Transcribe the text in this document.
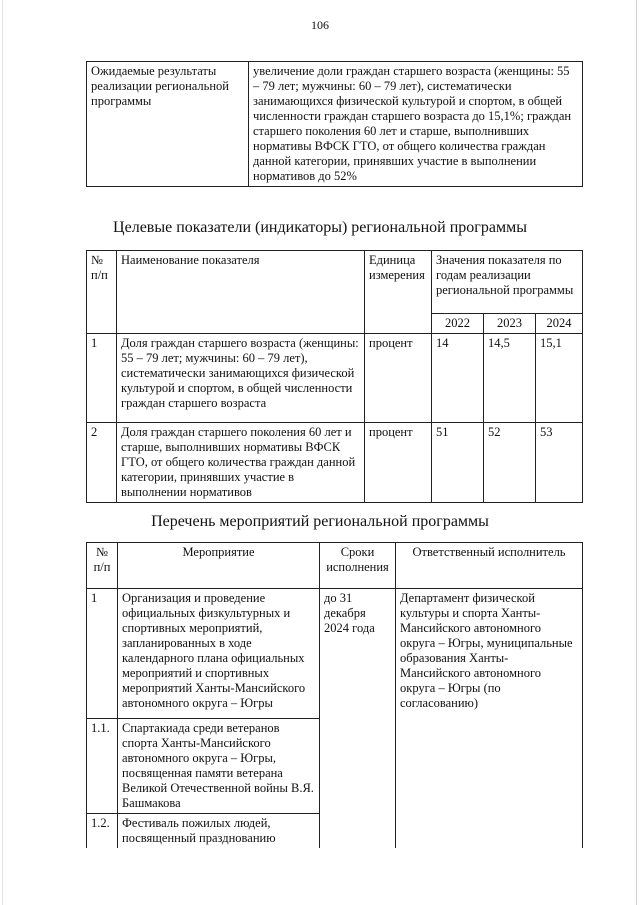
106
Ожидаемые результаты реализации региональной программы	увеличение доли граждан старшего возраста (женщины: 55 – 79 лет; мужчины: 60 – 79 лет), систематически занимающихся физической культурой и спортом, в общей численности граждан старшего возраста до 15,1%; граждан старшего поколения 60 лет и старше, выполнивших нормативы ВФСК ГТО, от общего количества граждан данной категории, принявших участие в выполнении нормативов до 52%
Целевые показатели (индикаторы) региональной программы
№ п/п	Наименование показателя	Единица измерения	Значения показателя по годам реализации региональной программы		
			2022	2023	2024
1	Доля граждан старшего возраста (женщины: 55 – 79 лет; мужчины: 60 – 79 лет), систематически занимающихся физической культурой и спортом, в общей численности граждан старшего возраста	процент	14	14,5	15,1
2	Доля граждан старшего поколения 60 лет и старше, выполнивших нормативы ВФСК ГТО, от общего количества граждан данной категории, принявших участие в выполнении нормативов	процент	51	52	53
Перечень мероприятий региональной программы
№ п/п	Мероприятие	Сроки исполнения	Ответственный исполнитель
1	Организация и проведение официальных физкультурных и спортивных мероприятий, запланированных в ходе календарного плана официальных мероприятий и спортивных мероприятий Ханты-Мансийского автономного округа – Югры	до 31 декабря 2024 года	Департамент физической культуры и спорта Ханты-Мансийского автономного округа – Югры, муниципальные образования Ханты-Мансийского автономного округа – Югры (по согласованию)
1.1.	Спартакиада среди ветеранов спорта Ханты-Мансийского автономного округа – Югры, посвященная памяти ветерана Великой Отечественной войны В.Я. Башмакова		
1.2.	Фестиваль пожилых людей, посвященный празднованию		
